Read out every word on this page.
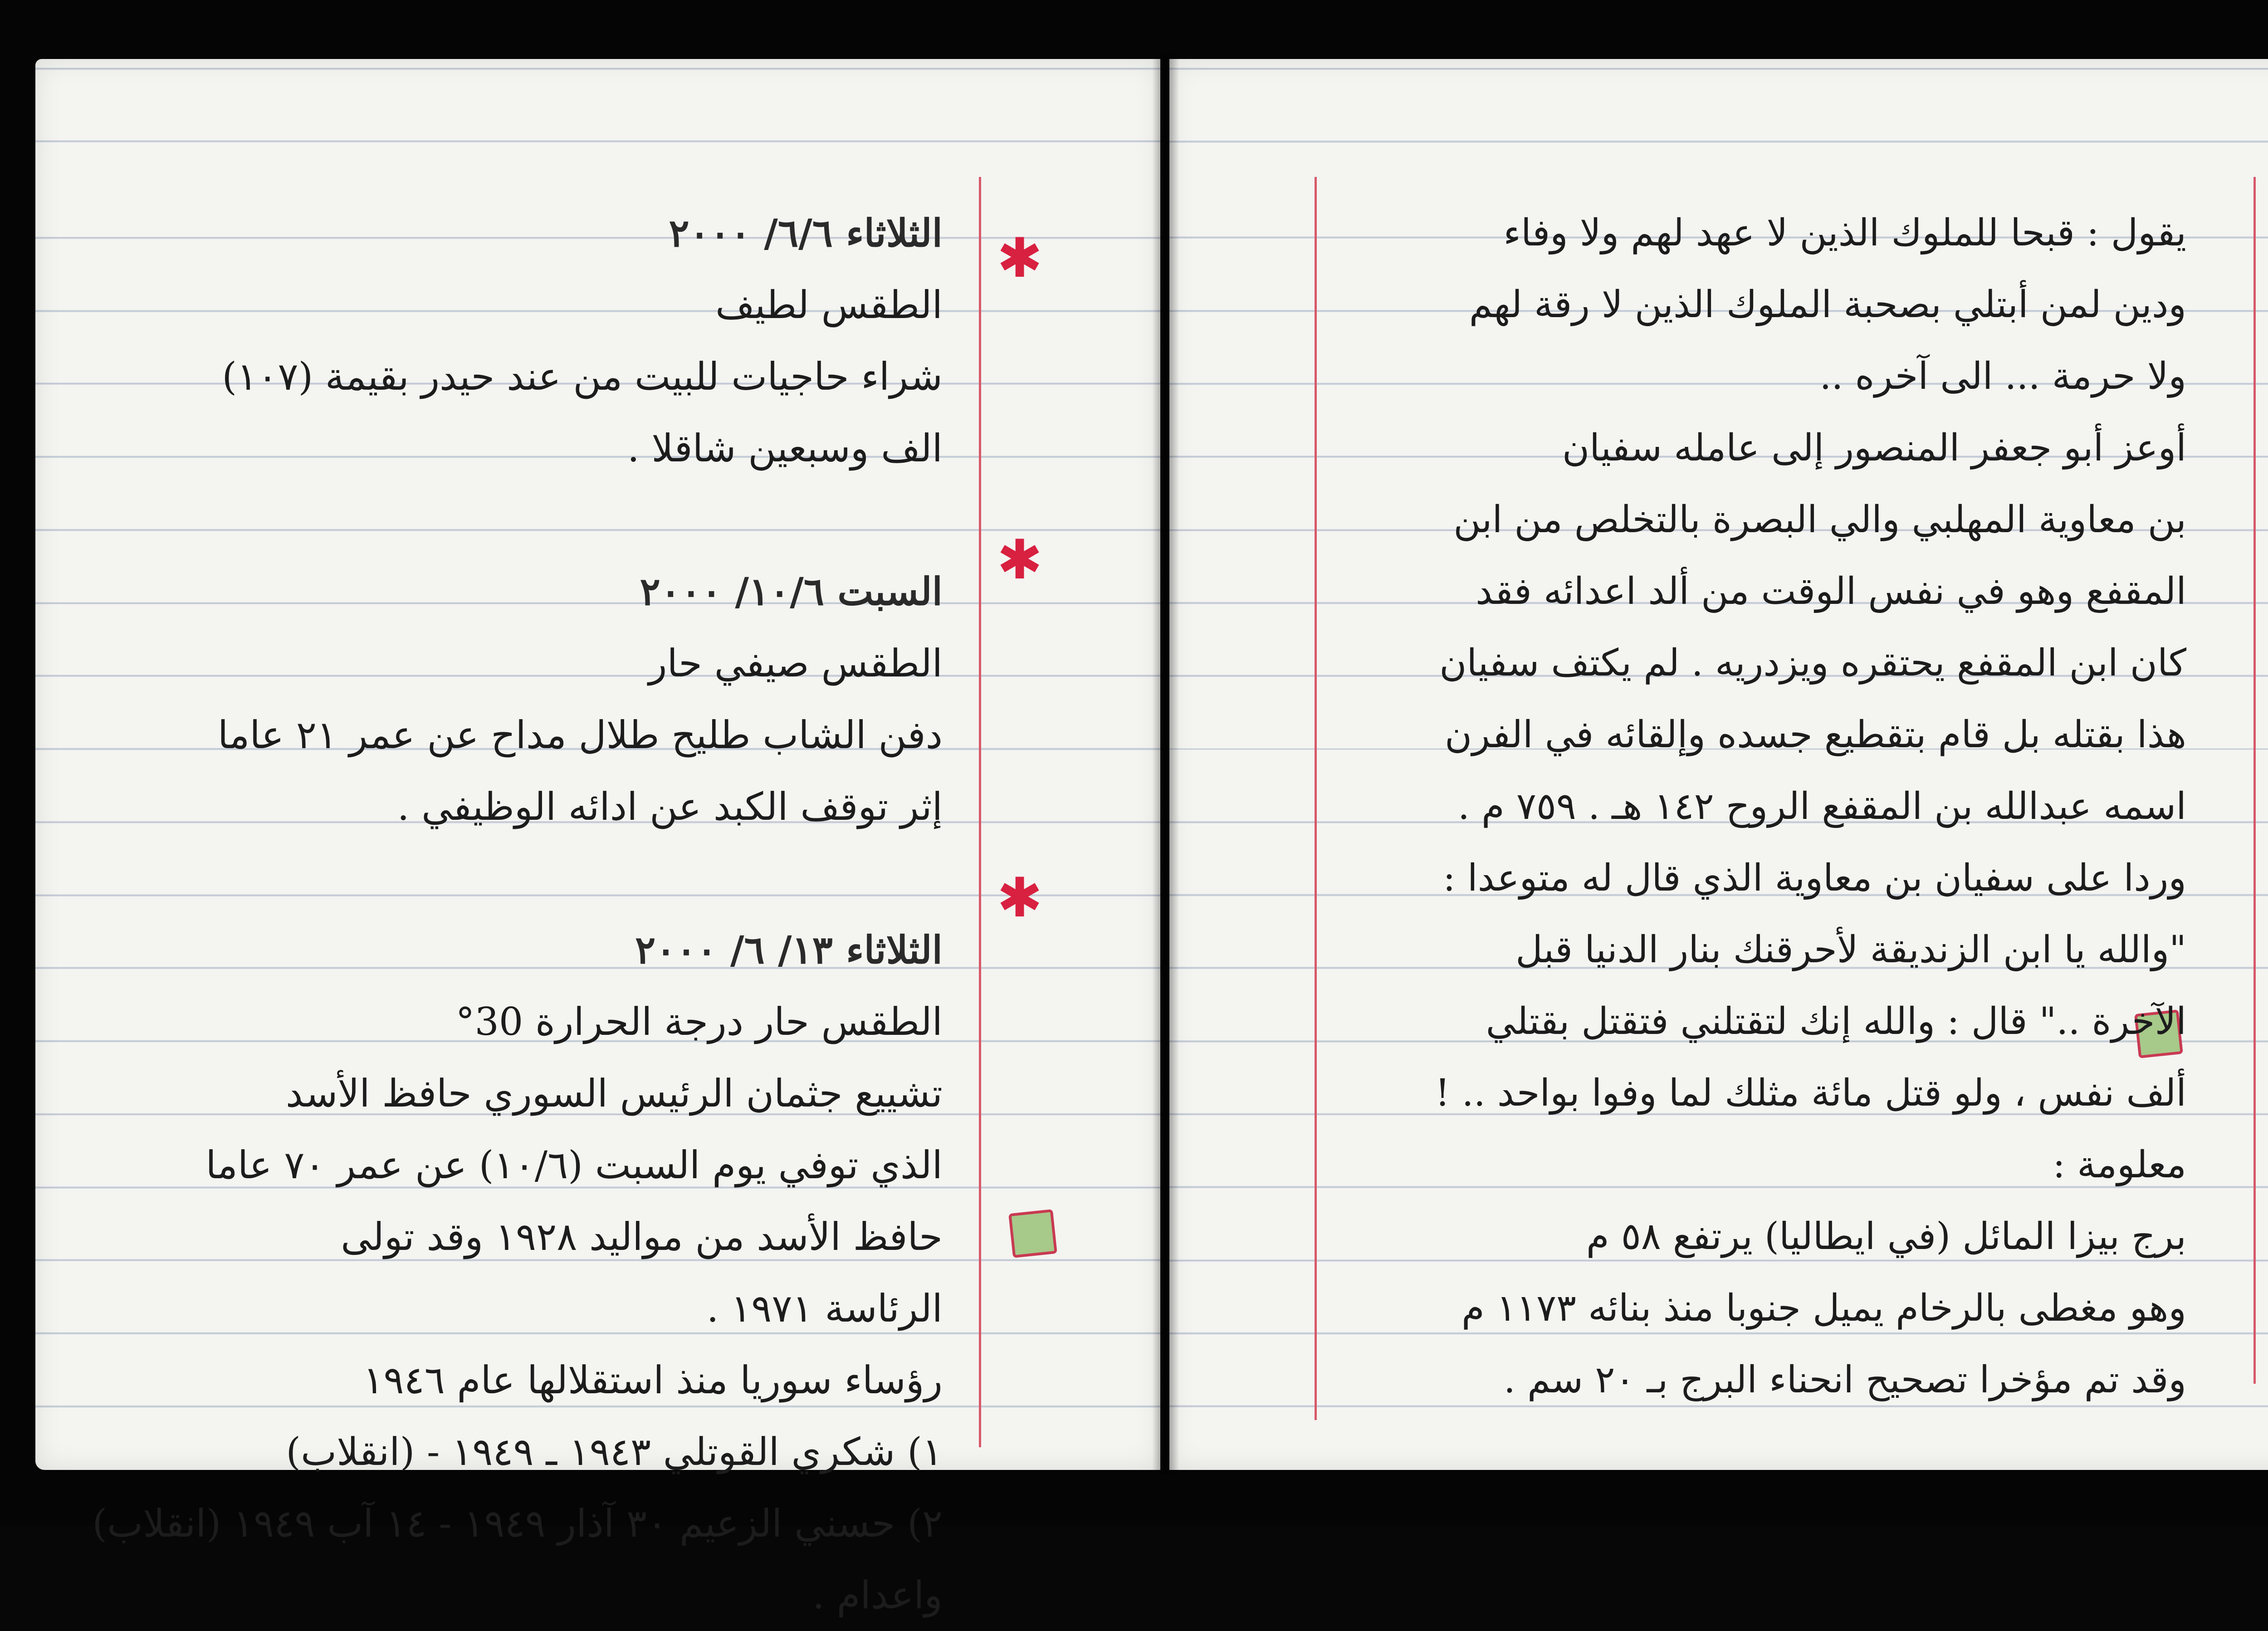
✱
✱
✱
الثلاثاء ٦/٦/ ٢٠٠٠
الطقس لطيف
شراء حاجيات للبيت من عند حيدر بقيمة (١٠٧)
الف وسبعين شاقلا .
السبت ١٠/٦/ ٢٠٠٠
الطقس صيفي حار
دفن الشاب طليح طلال مداح عن عمر ٢١ عاما
إثر توقف الكبد عن ادائه الوظيفي .
الثلاثاء ١٣/ ٦/ ٢٠٠٠
الطقس حار درجة الحرارة 30°
تشييع جثمان الرئيس السوري حافظ الأسد
الذي توفي يوم السبت (١٠/٦) عن عمر ٧٠ عاما
حافظ الأسد من مواليد ١٩٢٨ وقد تولى
الرئاسة ١٩٧١ .
رؤساء سوريا منذ استقلالها عام ١٩٤٦
١) شكري القوتلي ١٩٤٣ ـ ١٩٤٩ - (انقلاب)
٢) حسني الزعيم ٣٠ آذار ١٩٤٩ - ١٤ آب ١٩٤٩ (انقلاب)
واعدام .
يقول : قبحا للملوك الذين لا عهد لهم ولا وفاء
ودين لمن أبتلي بصحبة الملوك الذين لا رقة لهم
ولا حرمة ... الى آخره ..
أوعز أبو جعفر المنصور إلى عامله سفيان
بن معاوية المهلبي والي البصرة بالتخلص من ابن
المقفع وهو في نفس الوقت من ألد اعدائه فقد
كان ابن المقفع يحتقره ويزدريه . لم يكتف سفيان
هذا بقتله بل قام بتقطيع جسده وإلقائه في الفرن
اسمه عبدالله بن المقفع الروح ١٤٢ هـ . ٧٥٩ م .
وردا على سفيان بن معاوية الذي قال له متوعدا :
"والله يا ابن الزنديقة لأحرقنك بنار الدنيا قبل
الآخرة .." قال : والله إنك لتقتلني فتقتل بقتلي
ألف نفس ، ولو قتل مائة مثلك لما وفوا بواحد .. !
معلومة :
برج بيزا المائل (في ايطاليا) يرتفع ٥٨ م
وهو مغطى بالرخام يميل جنوبا منذ بنائه ١١٧٣ م
وقد تم مؤخرا تصحيح انحناء البرج بـ ٢٠ سم .
